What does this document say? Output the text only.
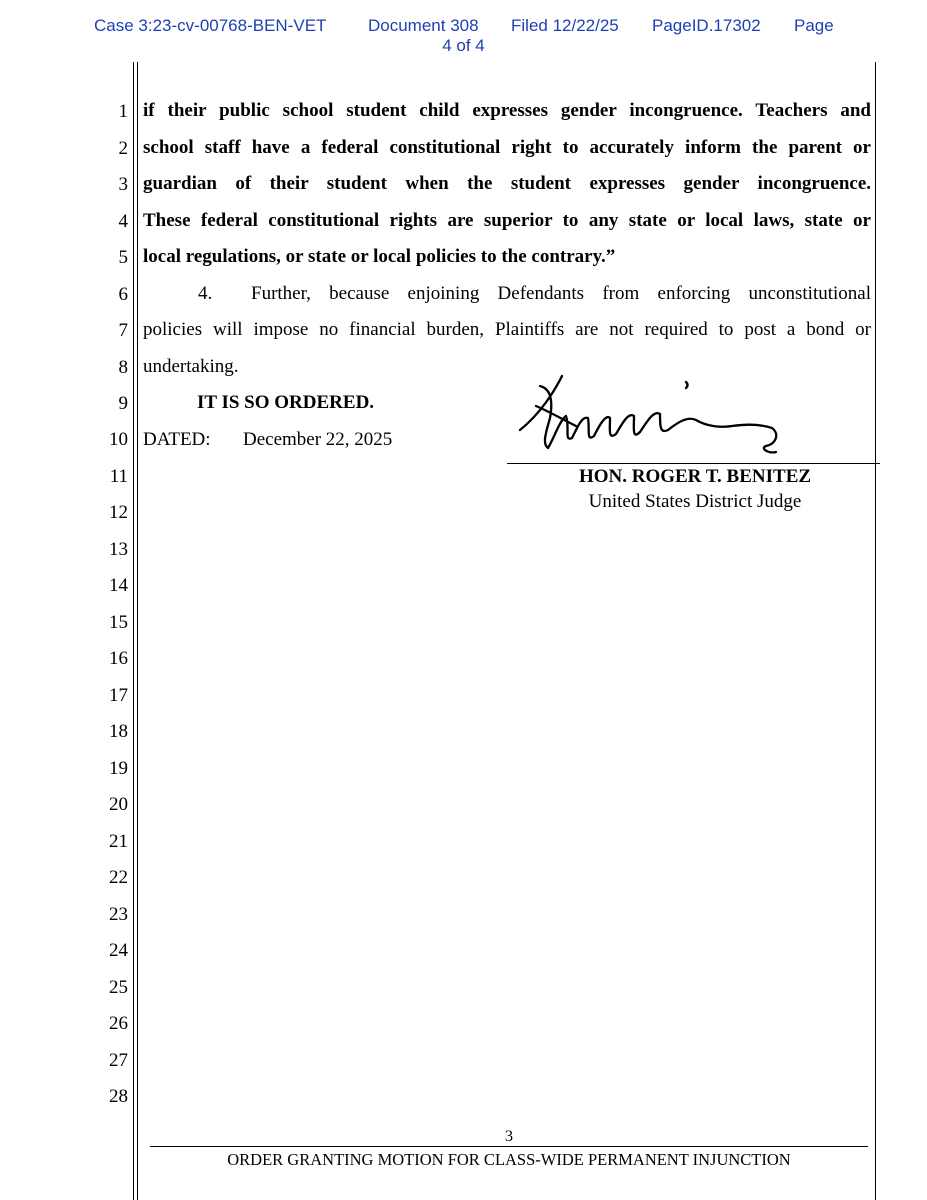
Case 3:23-cv-00768-BEN-VET Document 308 Filed 12/22/25 PageID.17302 Page
4 of 4
1
2
3
4
5
6
7
8
9
10
11
12
13
14
15
16
17
18
19
20
21
22
23
24
25
26
27
28
if their public school student child expresses gender incongruence. Teachers and
school staff have a federal constitutional right to accurately inform the parent or
guardian of their student when the student expresses gender incongruence.
These federal constitutional rights are superior to any state or local laws, state or
local regulations, or state or local policies to the contrary.”
4.	Further, because enjoining Defendants from enforcing unconstitutional
policies will impose no financial burden, Plaintiffs are not required to post a bond or
undertaking.
IT IS SO ORDERED.
DATED:	December 22, 2025
HON. ROGER T. BENITEZ
United States District Judge
3
ORDER GRANTING MOTION FOR CLASS-WIDE PERMANENT INJUNCTION
